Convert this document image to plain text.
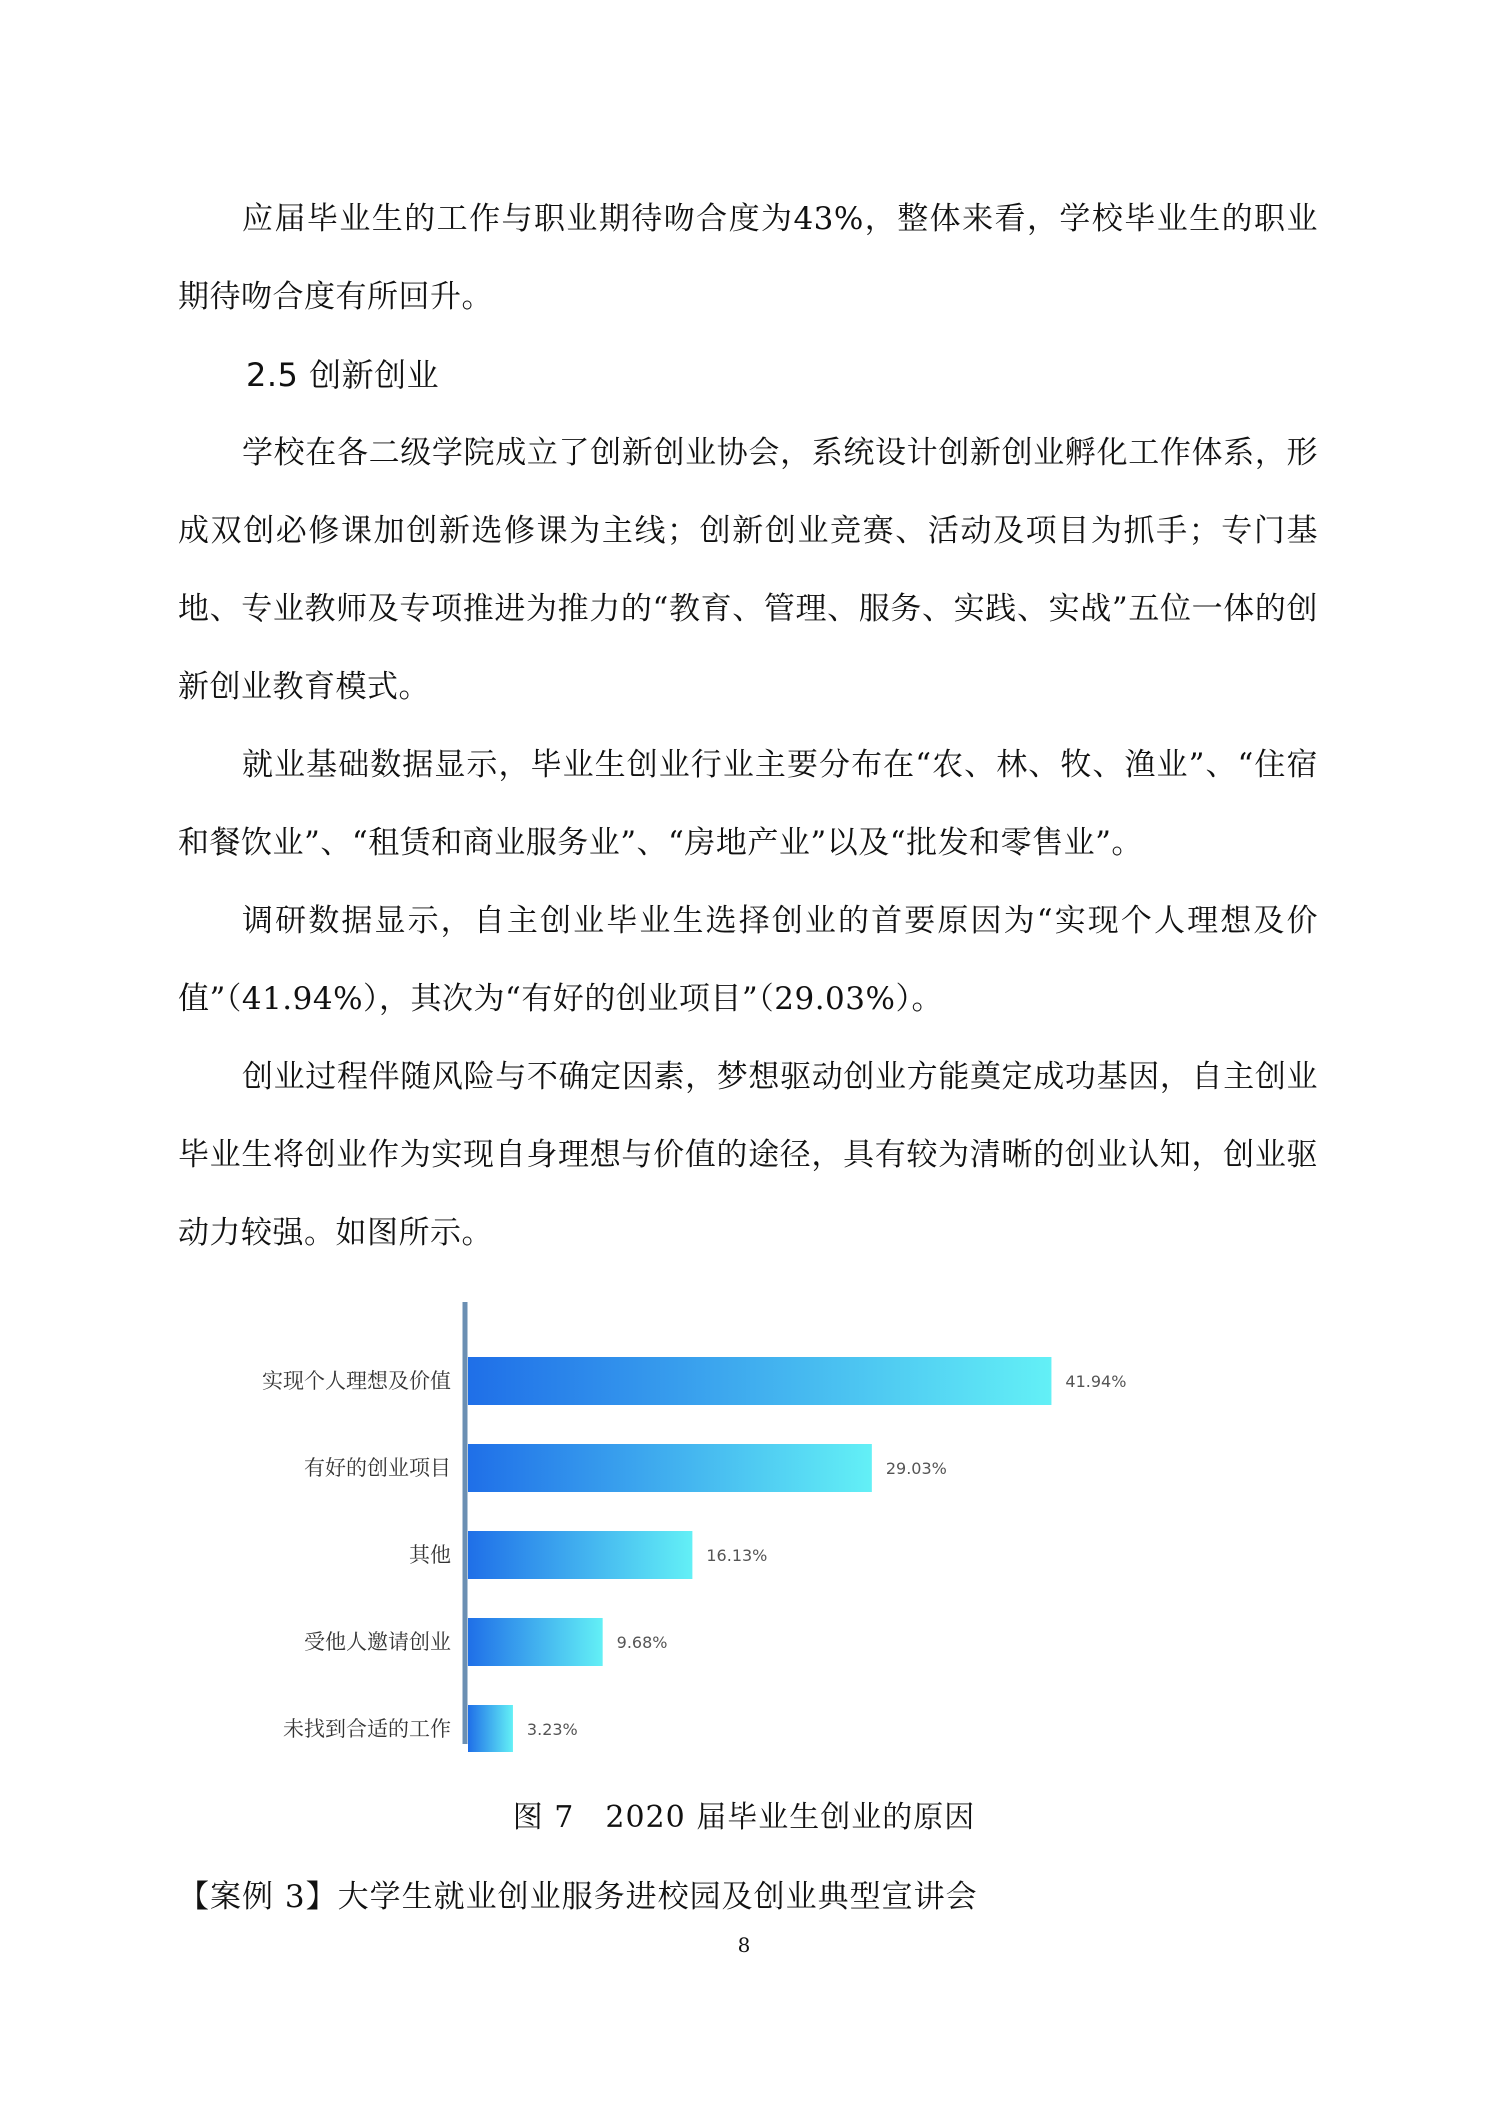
应届毕业生的工作与职业期待吻合度为43%，整体来看，学校毕业生的职业期待吻合度有所回升。

2.5 创新创业

学校在各二级学院成立了创新创业协会，系统设计创新创业孵化工作体系，形成双创必修课加创新选修课为主线；创新创业竞赛、活动及项目为抓手；专门基地、专业教师及专项推进为推力的“教育、管理、服务、实践、实战”五位一体的创新创业教育模式。

就业基础数据显示，毕业生创业行业主要分布在“农、林、牧、渔业”、“住宿和餐饮业”、“租赁和商业服务业”、“房地产业”以及“批发和零售业”。

调研数据显示，自主创业毕业生选择创业的首要原因为“实现个人理想及价值”（41.94%），其次为“有好的创业项目”（29.03%）。

创业过程伴随风险与不确定因素，梦想驱动创业方能奠定成功基因，自主创业毕业生将创业作为实现自身理想与价值的途径，具有较为清晰的创业认知，创业驱动力较强。如图所示。

实现个人理想及价值	41.94%
有好的创业项目	29.03%
其他	16.13%
受他人邀请创业	9.68%
未找到合适的工作	3.23%
图 7　2020 届毕业生创业的原因
【案例 3】大学生就业创业服务进校园及创业典型宣讲会
8
